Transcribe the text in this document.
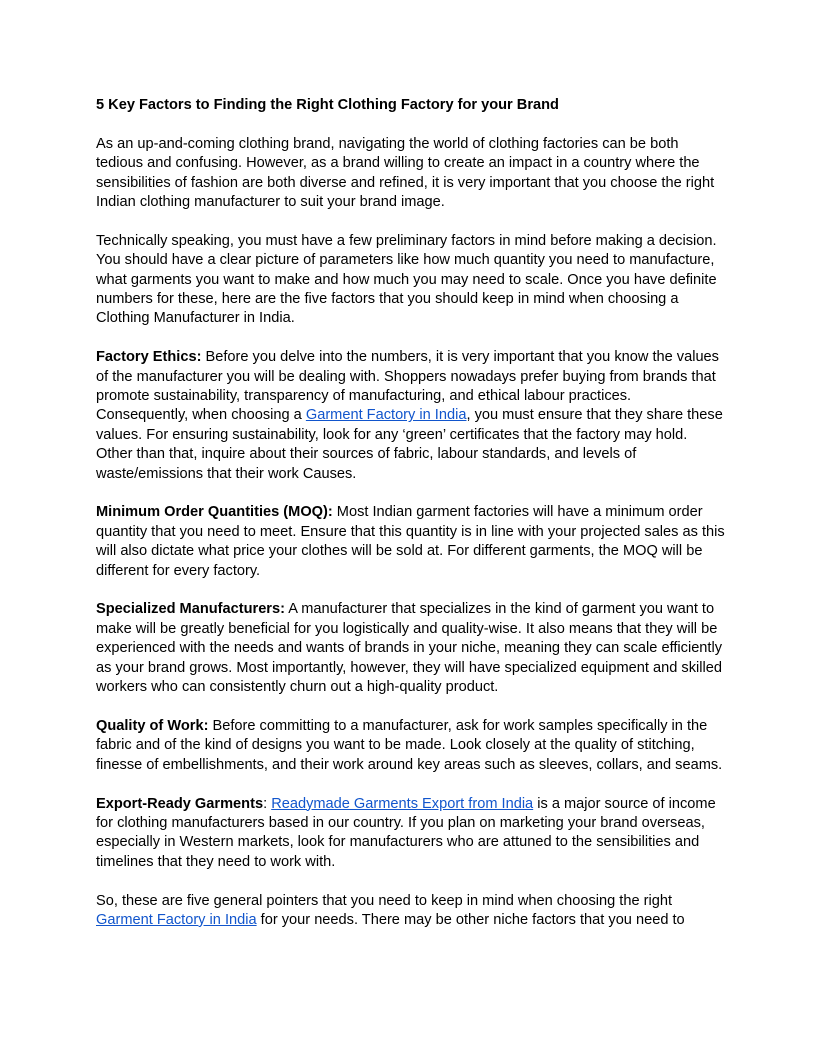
5 Key Factors to Finding the Right Clothing Factory for your Brand

As an up-and-coming clothing brand, navigating the world of clothing factories can be both tedious and confusing. However, as a brand willing to create an impact in a country where the sensibilities of fashion are both diverse and refined, it is very important that you choose the right Indian clothing manufacturer to suit your brand image.

Technically speaking, you must have a few preliminary factors in mind before making a decision. You should have a clear picture of parameters like how much quantity you need to manufacture, what garments you want to make and how much you may need to scale. Once you have definite numbers for these, here are the five factors that you should keep in mind when choosing a Clothing Manufacturer in India.

Factory Ethics: Before you delve into the numbers, it is very important that you know the values of the manufacturer you will be dealing with. Shoppers nowadays prefer buying from brands that promote sustainability, transparency of manufacturing, and ethical labour practices. Consequently, when choosing a Garment Factory in India, you must ensure that they share these values. For ensuring sustainability, look for any ‘green’ certificates that the factory may hold. Other than that, inquire about their sources of fabric, labour standards, and levels of waste/emissions that their work Causes.

Minimum Order Quantities (MOQ): Most Indian garment factories will have a minimum order quantity that you need to meet. Ensure that this quantity is in line with your projected sales as this will also dictate what price your clothes will be sold at. For different garments, the MOQ will be different for every factory.

Specialized Manufacturers: A manufacturer that specializes in the kind of garment you want to make will be greatly beneficial for you logistically and quality-wise. It also means that they will be experienced with the needs and wants of brands in your niche, meaning they can scale efficiently as your brand grows. Most importantly, however, they will have specialized equipment and skilled workers who can consistently churn out a high-quality product.

Quality of Work: Before committing to a manufacturer, ask for work samples specifically in the fabric and of the kind of designs you want to be made. Look closely at the quality of stitching, finesse of embellishments, and their work around key areas such as sleeves, collars, and seams.

Export-Ready Garments: Readymade Garments Export from India is a major source of income for clothing manufacturers based in our country. If you plan on marketing your brand overseas, especially in Western markets, look for manufacturers who are attuned to the sensibilities and timelines that they need to work with.

So, these are five general pointers that you need to keep in mind when choosing the right Garment Factory in India for your needs. There may be other niche factors that you need to
